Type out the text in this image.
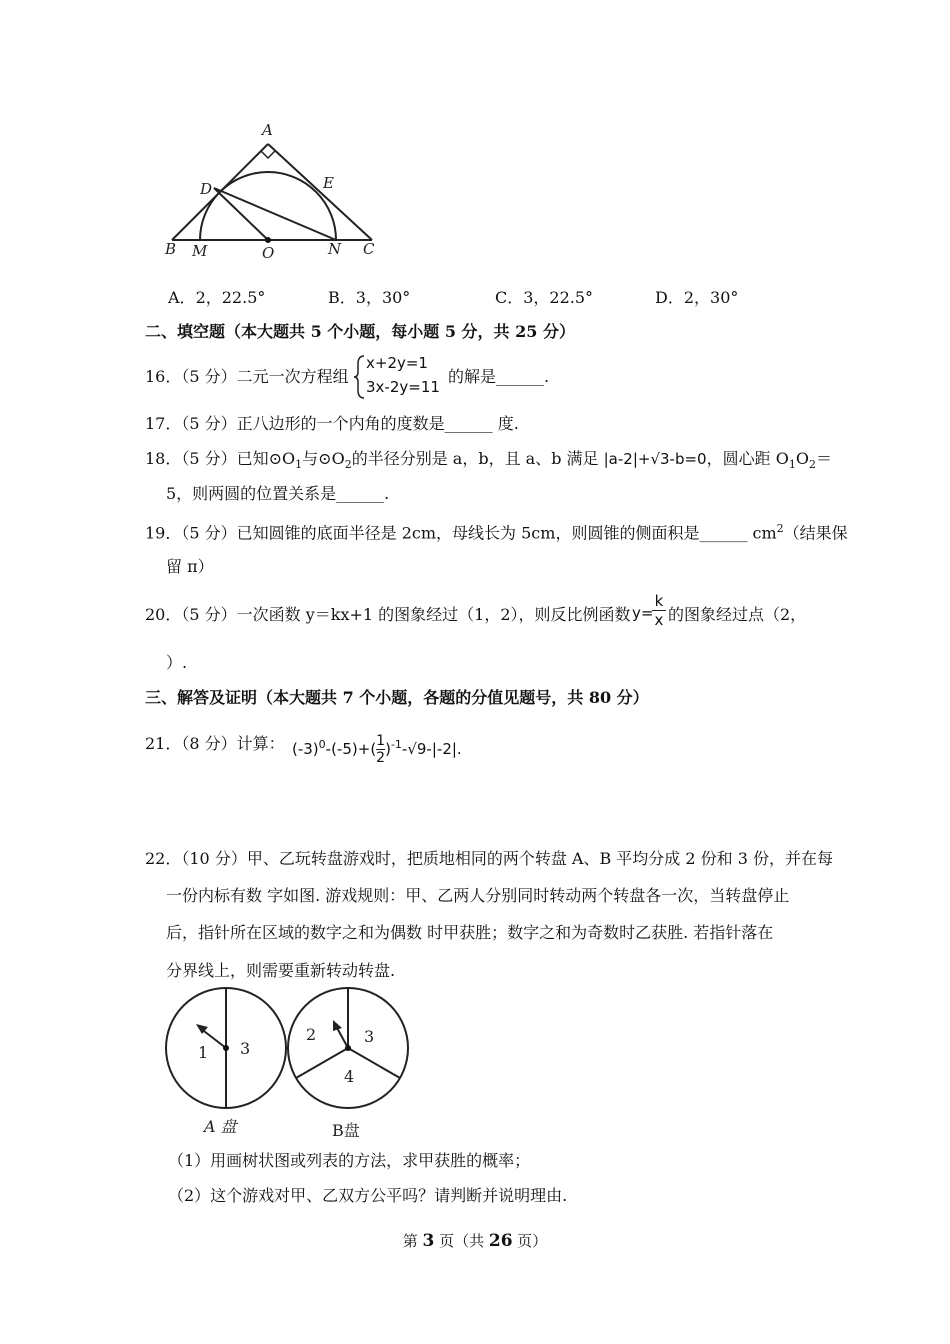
A
D	E
B M	O	N C
A．2，22.5°	B．3，30°	C．3，22.5°	D．2，30°
二、填空题（本大题共 5 个小题，每小题 5 分，共 25 分）
16．（5 分）二元一次方程组
x+2y=1
3x-2y=11
的解是______.
17．（5 分）正八边形的一个内角的度数是______ 度.
18．（5 分）已知$⊙O_1$与$⊙O_2$的半径分别是 a，b，且 a、b 满足 |a-2|+√3-b=0，圆心距 $O_1O_2=$
5，则两圆的位置关系是______.
19．（5 分）已知圆锥的底面半径是 2cm，母线长为 5cm，则圆锥的侧面积是______ $cm^2$（结果保
留 π）
20．（5 分）一次函数 y＝kx+1 的图象经过（1，2），则反比例函数 y=
$\frac{k}{x}$ 的图象经过点（2，
）.
三、解答及证明（本大题共 7 个小题，各题的分值见题号，共 80 分）
21．（8 分）计算： $(-3)^0-(-5)+( \frac{1}{2} )^{-1}-√9-|-2|$.
22．（10 分）甲、乙玩转盘游戏时，把质地相同的两个转盘 A、B 平均分成 2 份和 3 份，并在每
一份内标有数 字如图. 游戏规则：甲、乙两人分别同时转动两个转盘各一次，当转盘停止
后，指针所在区域的数字之和为偶数 时甲获胜；数字之和为奇数时乙获胜. 若指针落在
分界线上，则需要重新转动转盘.
1 3
A 盘
2	3
4
B盘
（1）用画树状图或列表的方法，求甲获胜的概率；
（2）这个游戏对甲、乙双方公平吗？请判断并说明理由.
第 3 页（共 26 页）
